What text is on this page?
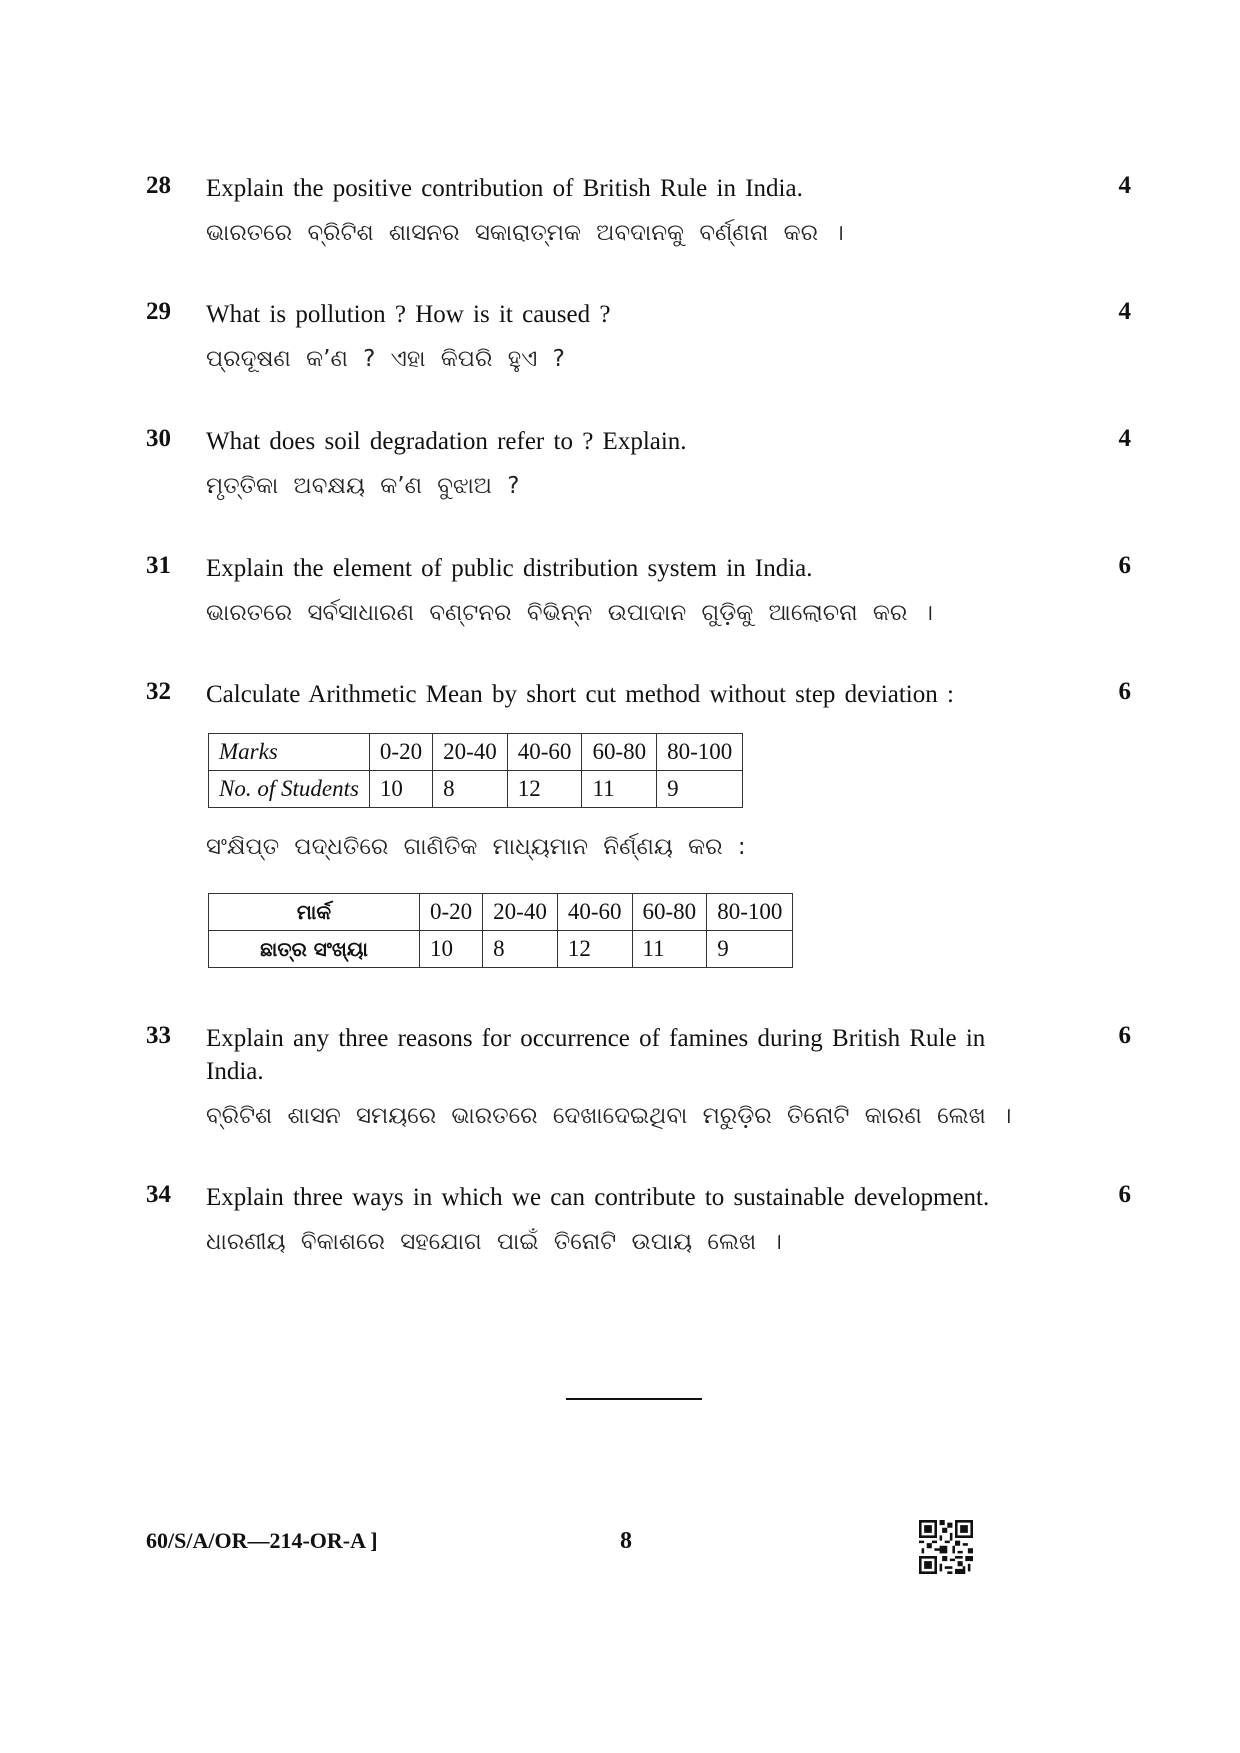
28 Explain the positive contribution of British Rule in India.
ଭାରତରେ ବ୍ରିଟିଶ ଶାସନର ସକାରାତ୍ମକ ଅବଦାନକୁ ବର୍ଣ୍ଣନା କର ।
4
29 What is pollution ? How is it caused ?
ପ୍ରଦୂଷଣ କ’ଣ ? ଏହା କିପରି ହୁଏ ?
4
30 What does soil degradation refer to ? Explain.
ମୃତ୍ତିକା ଅବକ୍ଷୟ କ’ଣ ବୁଝାଅ ?
4
31 Explain the element of public distribution system in India.
ଭାରତରେ ସର୍ବସାଧାରଣ ବଣ୍ଟନର ବିଭିନ୍ନ ଉପାଦାନ ଗୁଡ଼ିକୁ ଆଲୋଚନା କର ।
6
32 Calculate Arithmetic Mean by short cut method without step deviation :	6
Marks	0-20	20-40	40-60	60-80	80-100
No. of Students	10	8	12	11	9
ସଂକ୍ଷିପ୍ତ ପଦ୍ଧତିରେ ଗାଣିତିକ ମାଧ୍ୟମାନ ନିର୍ଣ୍ଣୟ କର :
ମାର୍କ	0-20	20-40	40-60	60-80	80-100
ଛାତ୍ର ସଂଖ୍ୟା	10	8	12	11	9
33 Explain any three reasons for occurrence of famines during British Rule in India.
ବ୍ରିଟିଶ ଶାସନ ସମୟରେ ଭାରତରେ ଦେଖାଦେଇଥିବା ମରୁଡ଼ିର ତିନୋଟି କାରଣ ଲେଖ ।
6
34 Explain three ways in which we can contribute to sustainable development.
ଧାରଣୀୟ ବିକାଶରେ ସହଯୋଗ ପାଇଁ ତିନୋଟି ଉପାୟ ଲେଖ ।
6
60/S/A/OR—214-OR-A ]	8
